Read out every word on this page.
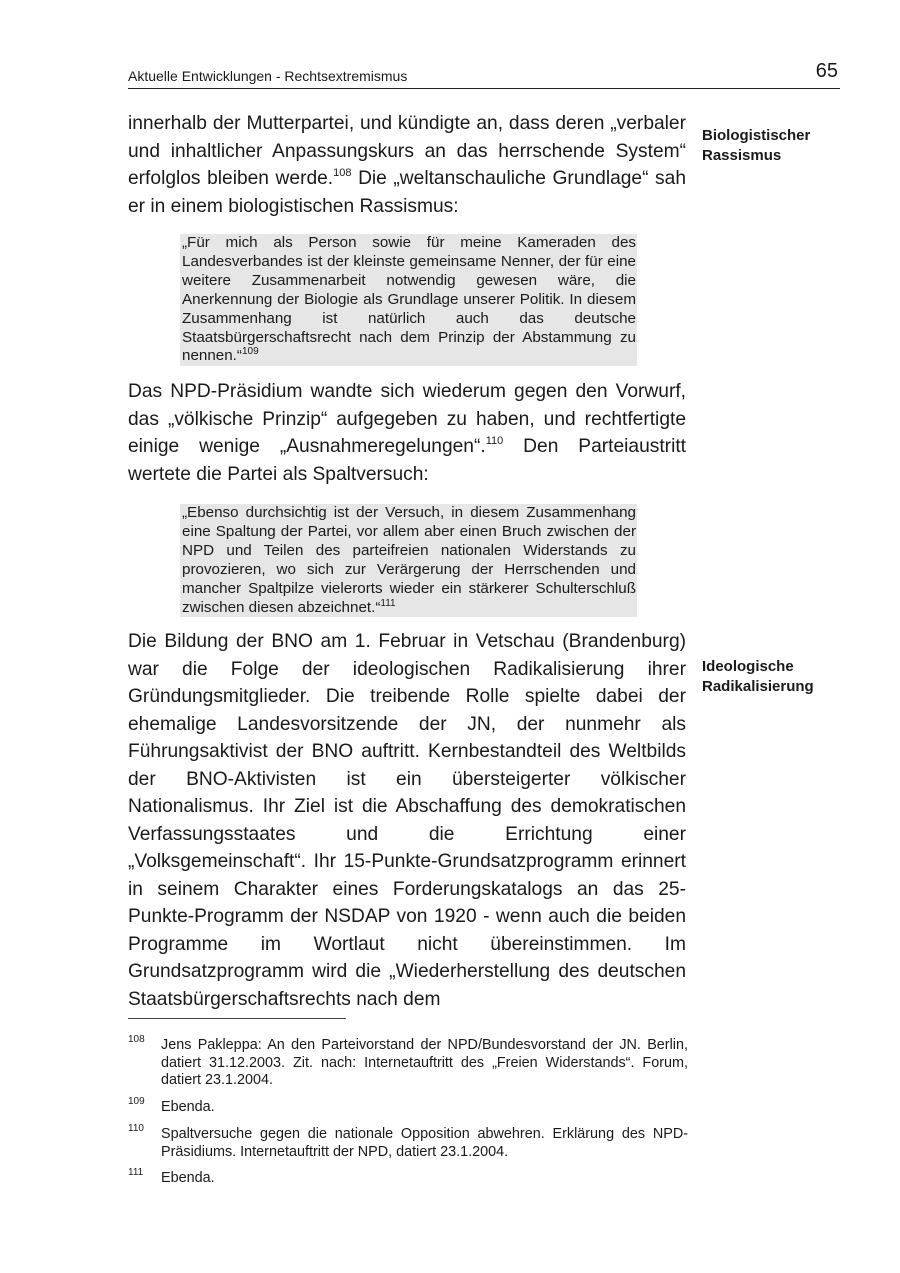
Aktuelle Entwicklungen - Rechtsextremismus	65

innerhalb der Mutterpartei, und kündigte an, dass deren „verbaler und inhaltlicher Anpassungskurs an das herrschende System“ erfolglos bleiben werde.$^{108}$ Die „weltanschauliche Grundlage“ sah er in einem biologistischen Rassismus:

Biologistischer Rassismus

„Für mich als Person sowie für meine Kameraden des Landesverbandes ist der kleinste gemeinsame Nenner, der für eine weitere Zusammenarbeit notwendig gewesen wäre, die Anerkennung der Biologie als Grundlage unserer Politik. In diesem Zusammenhang ist natürlich auch das deutsche Staatsbürgerschaftsrecht nach dem Prinzip der Abstammung zu nennen.“$^{109}$

Das NPD-Präsidium wandte sich wiederum gegen den Vorwurf, das „völkische Prinzip“ aufgegeben zu haben, und rechtfertigte einige wenige „Ausnahmeregelungen“.$^{110}$ Den Parteiaustritt wertete die Partei als Spaltversuch:

„Ebenso durchsichtig ist der Versuch, in diesem Zusammenhang eine Spaltung der Partei, vor allem aber einen Bruch zwischen der NPD und Teilen des parteifreien nationalen Widerstands zu provozieren, wo sich zur Verärgerung der Herrschenden und mancher Spaltpilze vielerorts wieder ein stärkerer Schulterschluß zwischen diesen abzeichnet.“$^{111}$

Die Bildung der BNO am 1. Februar in Vetschau (Brandenburg) war die Folge der ideologischen Radikalisierung ihrer Gründungsmitglieder. Die treibende Rolle spielte dabei der ehemalige Landesvorsitzende der JN, der nunmehr als Führungsaktivist der BNO auftritt. Kernbestandteil des Weltbilds der BNO-Aktivisten ist ein übersteigerter völkischer Nationalismus. Ihr Ziel ist die Abschaffung des demokratischen Verfassungsstaates und die Errichtung einer „Volksgemeinschaft“. Ihr 15-Punkte-Grundsatzprogramm erinnert in seinem Charakter eines Forderungskatalogs an das 25-Punkte-Programm der NSDAP von 1920 - wenn auch die beiden Programme im Wortlaut nicht übereinstimmen. Im Grundsatzprogramm wird die „Wiederherstellung des deutschen Staatsbürgerschaftsrechts nach dem

Ideologische Radikalisierung

108 Jens Pakleppa: An den Parteivorstand der NPD/Bundesvorstand der JN. Berlin, datiert 31.12.2003. Zit. nach: Internetauftritt des „Freien Widerstands“. Forum, datiert 23.1.2004.

109 Ebenda.

110 Spaltversuche gegen die nationale Opposition abwehren. Erklärung des NPD-Präsidiums. Internetauftritt der NPD, datiert 23.1.2004.

111 Ebenda.
